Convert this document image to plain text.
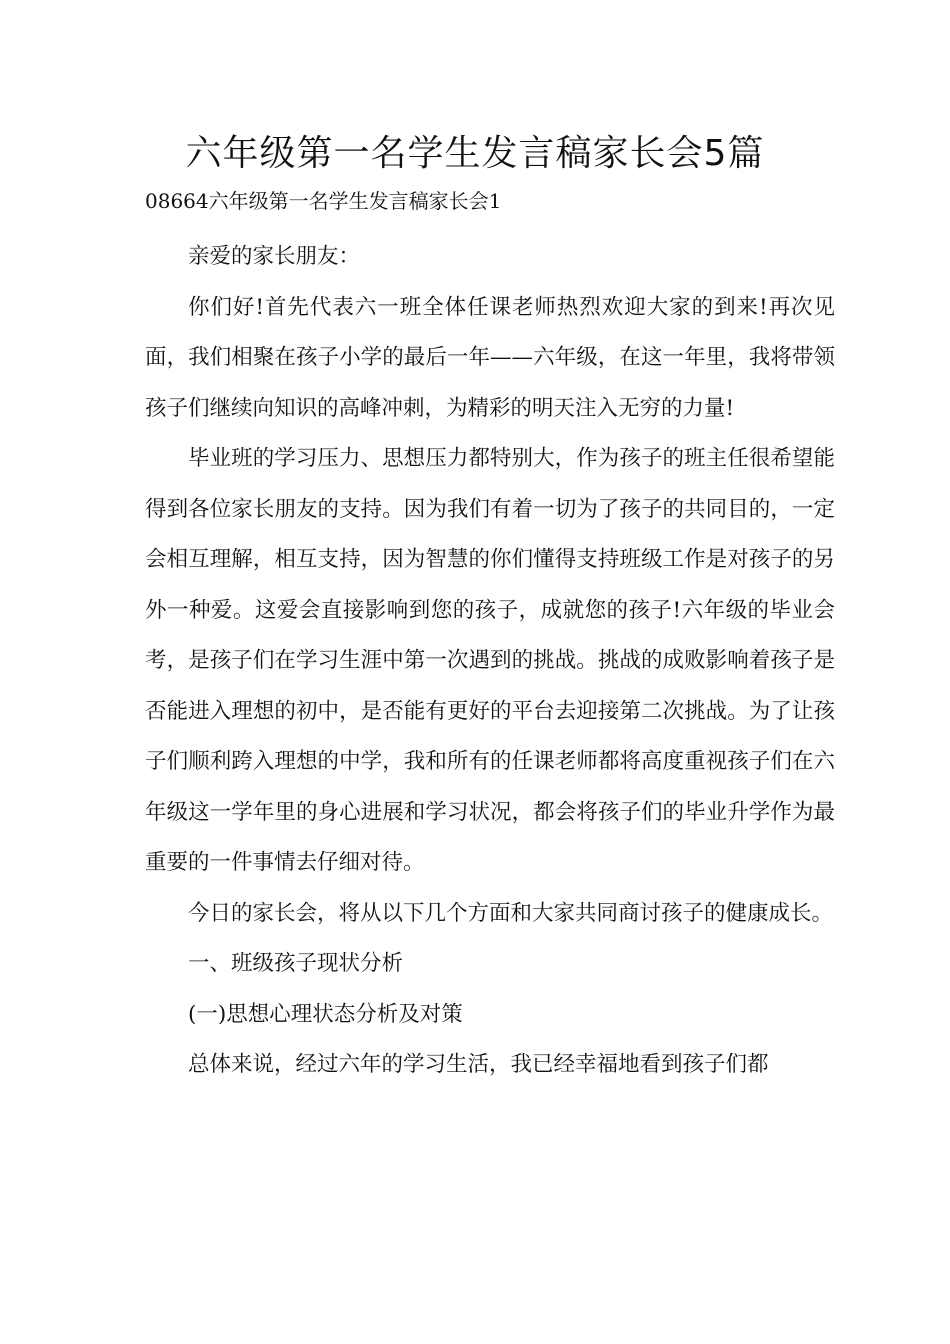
六年级第一名学生发言稿家长会5篇

08664六年级第一名学生发言稿家长会1

亲爱的家长朋友：

你们好!首先代表六一班全体任课老师热烈欢迎大家的到来!再次见面，我们相聚在孩子小学的最后一年——六年级，在这一年里，我将带领孩子们继续向知识的高峰冲刺，为精彩的明天注入无穷的力量!

毕业班的学习压力、思想压力都特别大，作为孩子的班主任很希望能得到各位家长朋友的支持。因为我们有着一切为了孩子的共同目的，一定会相互理解，相互支持，因为智慧的你们懂得支持班级工作是对孩子的另外一种爱。这爱会直接影响到您的孩子，成就您的孩子!六年级的毕业会考，是孩子们在学习生涯中第一次遇到的挑战。挑战的成败影响着孩子是否能进入理想的初中，是否能有更好的平台去迎接第二次挑战。为了让孩子们顺利跨入理想的中学，我和所有的任课老师都将高度重视孩子们在六年级这一学年里的身心进展和学习状况，都会将孩子们的毕业升学作为最重要的一件事情去仔细对待。

今日的家长会，将从以下几个方面和大家共同商讨孩子的健康成长。

一、班级孩子现状分析

(一)思想心理状态分析及对策

总体来说，经过六年的学习生活，我已经幸福地看到孩子们都
